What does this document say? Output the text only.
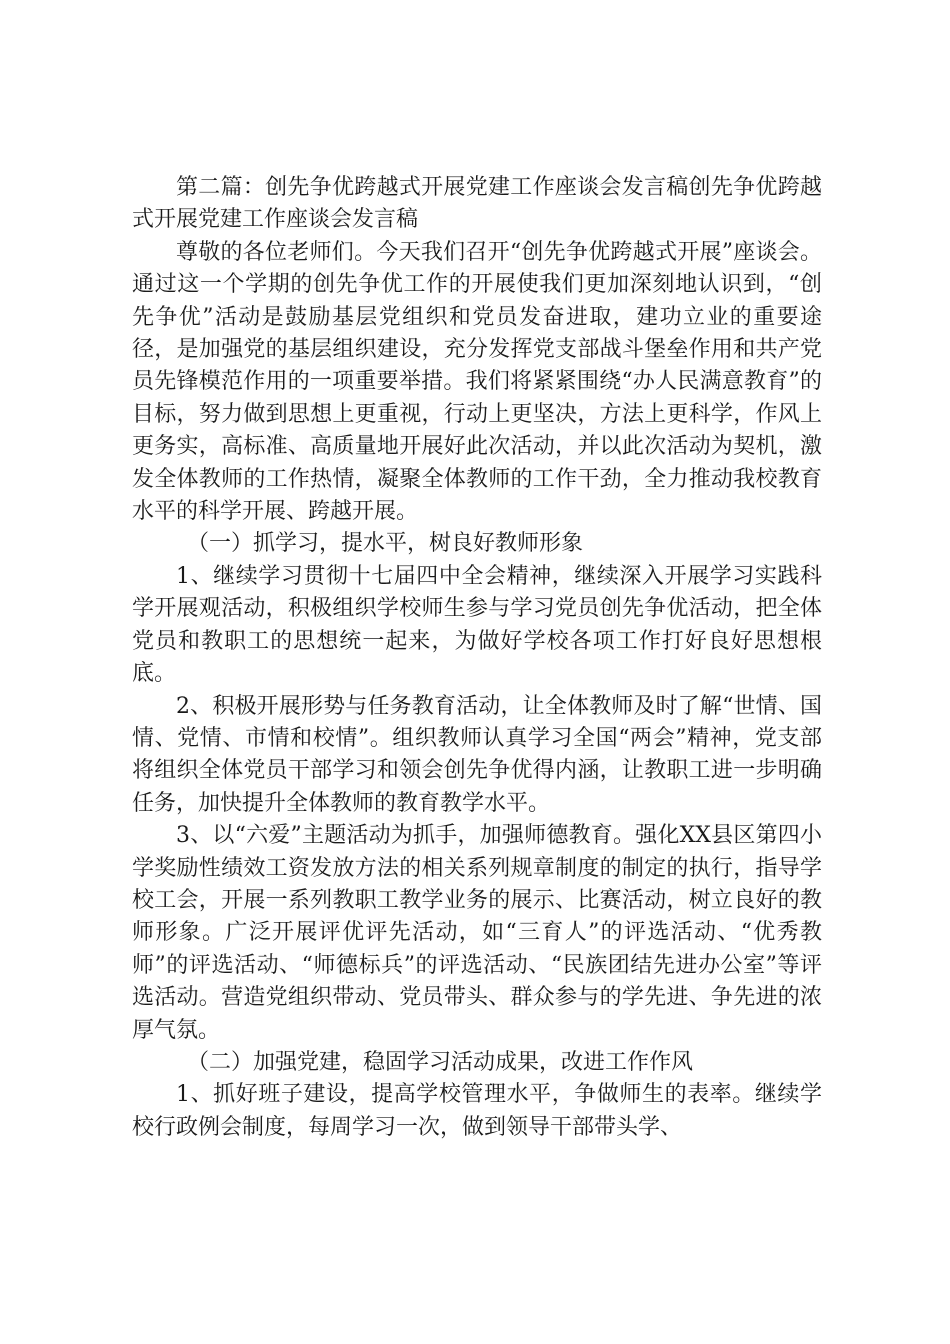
第二篇：创先争优跨越式开展党建工作座谈会发言稿创先争优跨越式开展党建工作座谈会发言稿

尊敬的各位老师们。今天我们召开“创先争优跨越式开展”座谈会。通过这一个学期的创先争优工作的开展使我们更加深刻地认识到，“创先争优”活动是鼓励基层党组织和党员发奋进取，建功立业的重要途径，是加强党的基层组织建设，充分发挥党支部战斗堡垒作用和共产党员先锋模范作用的一项重要举措。我们将紧紧围绕“办人民满意教育”的目标，努力做到思想上更重视，行动上更坚决，方法上更科学，作风上更务实，高标准、高质量地开展好此次活动，并以此次活动为契机，激发全体教师的工作热情，凝聚全体教师的工作干劲，全力推动我校教育水平的科学开展、跨越开展。

（一）抓学习，提水平，树良好教师形象

1、继续学习贯彻十七届四中全会精神，继续深入开展学习实践科学开展观活动，积极组织学校师生参与学习党员创先争优活动，把全体党员和教职工的思想统一起来，为做好学校各项工作打好良好思想根底。

2、积极开展形势与任务教育活动，让全体教师及时了解“世情、国情、党情、市情和校情”。组织教师认真学习全国“两会”精神，党支部将组织全体党员干部学习和领会创先争优得内涵，让教职工进一步明确任务，加快提升全体教师的教育教学水平。

3、以“六爱”主题活动为抓手，加强师德教育。强化XX县区第四小学奖励性绩效工资发放方法的相关系列规章制度的制定的执行，指导学校工会，开展一系列教职工教学业务的展示、比赛活动，树立良好的教师形象。广泛开展评优评先活动，如“三育人”的评选活动、“优秀教师”的评选活动、“师德标兵”的评选活动、“民族团结先进办公室”等评选活动。营造党组织带动、党员带头、群众参与的学先进、争先进的浓厚气氛。

（二）加强党建，稳固学习活动成果，改进工作作风

1、抓好班子建设，提高学校管理水平，争做师生的表率。继续学校行政例会制度，每周学习一次，做到领导干部带头学、
